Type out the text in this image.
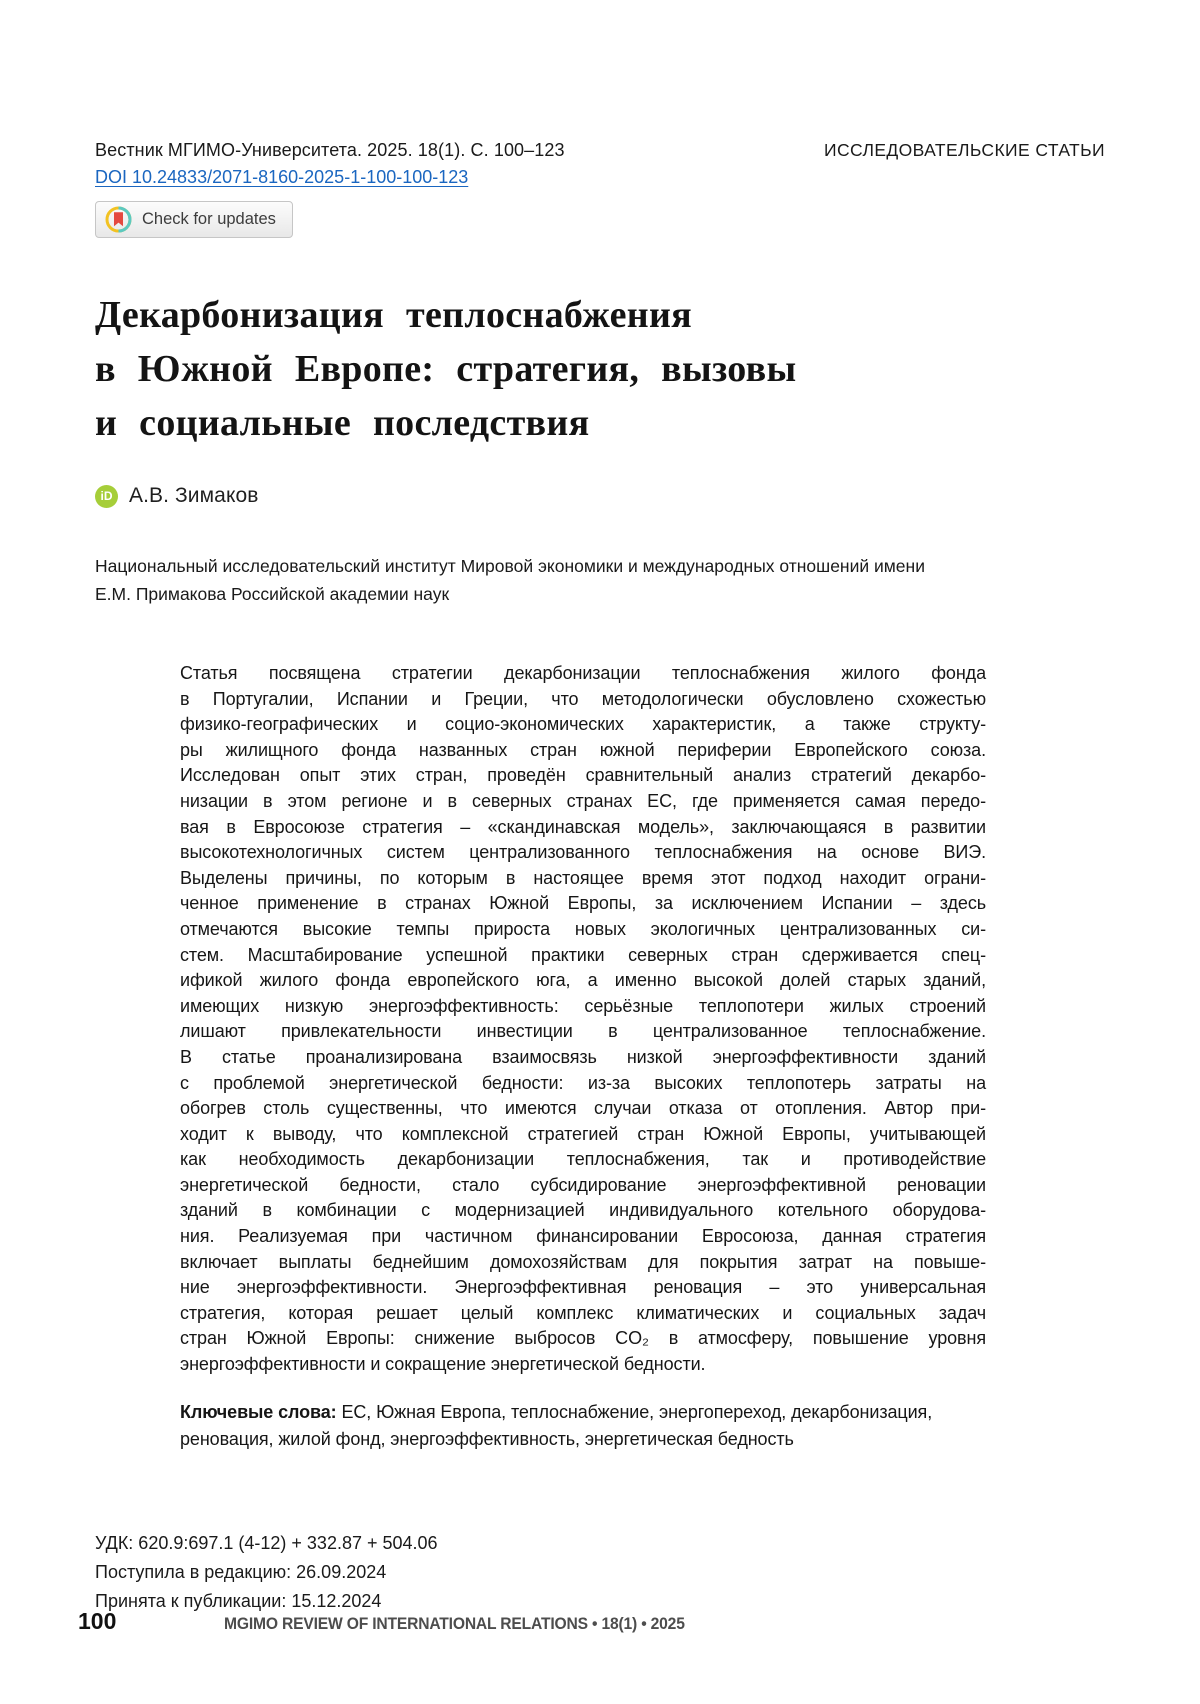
Вестник МГИМО-Университета. 2025. 18(1). С. 100–123
DOI 10.24833/2071-8160-2025-1-100-100-123
ИССЛЕДОВАТЕЛЬСКИЕ СТАТЬИ
Check for updates
Декарбонизация теплоснабжения
в Южной Европе: стратегия, вызовы
и социальные последствия
iD А.В. Зимаков
Национальный исследовательский институт Мировой экономики и международных отношений имени
Е.М. Примакова Российской академии наук
Статья посвящена стратегии декарбонизации теплоснабжения жилого фонда
в Португалии, Испании и Греции, что методологически обусловлено схожестью
физико-географических и социо-экономических характеристик, а также структу-
ры жилищного фонда названных стран южной периферии Европейского союза.
Исследован опыт этих стран, проведён сравнительный анализ стратегий декарбо-
низации в этом регионе и в северных странах ЕС, где применяется самая передо-
вая в Евросоюзе стратегия – «скандинавская модель», заключающаяся в развитии
высокотехнологичных систем централизованного теплоснабжения на основе ВИЭ.
Выделены причины, по которым в настоящее время этот подход находит ограни-
ченное применение в странах Южной Европы, за исключением Испании – здесь
отмечаются высокие темпы прироста новых экологичных централизованных си-
стем. Масштабирование успешной практики северных стран сдерживается спец-
ификой жилого фонда европейского юга, а именно высокой долей старых зданий,
имеющих низкую энергоэффективность: серьёзные теплопотери жилых строений
лишают привлекательности инвестиции в централизованное теплоснабжение.
В статье проанализирована взаимосвязь низкой энергоэффективности зданий
с проблемой энергетической бедности: из-за высоких теплопотерь затраты на
обогрев столь существенны, что имеются случаи отказа от отопления. Автор при-
ходит к выводу, что комплексной стратегией стран Южной Европы, учитывающей
как необходимость декарбонизации теплоснабжения, так и противодействие
энергетической бедности, стало субсидирование энергоэффективной реновации
зданий в комбинации с модернизацией индивидуального котельного оборудова-
ния. Реализуемая при частичном финансировании Евросоюза, данная стратегия
включает выплаты беднейшим домохозяйствам для покрытия затрат на повыше-
ние энергоэффективности. Энергоэффективная реновация – это универсальная
стратегия, которая решает целый комплекс климатических и социальных задач
стран Южной Европы: снижение выбросов CO₂ в атмосферу, повышение уровня
энергоэффективности и сокращение энергетической бедности.

Ключевые слова: ЕС, Южная Европа, теплоснабжение, энергопереход, декарбонизация, реновация, жилой фонд, энергоэффективность, энергетическая бедность

УДК: 620.9:697.1 (4-12) + 332.87 + 504.06
Поступила в редакцию: 26.09.2024
Принята к публикации: 15.12.2024
100	MGIMO REVIEW OF INTERNATIONAL RELATIONS • 18(1) • 2025
